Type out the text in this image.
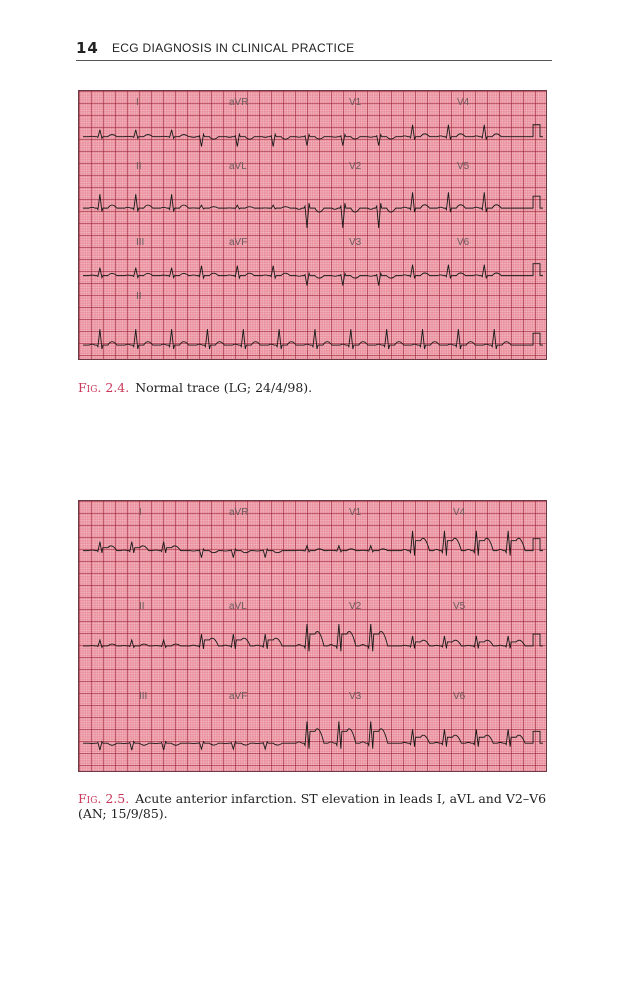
14 ECG DIAGNOSIS IN CLINICAL PRACTICE
I	aVR	V1	V4
II	aVL	V2	V5
III	aVF	V3	V6
II
Fig. 2.4. Normal trace (LG; 24/4/98).
I	aVR	V1	V4
II	aVL	V2	V5
III	aVF	V3	V6
Fig. 2.5. Acute anterior infarction. ST elevation in leads I, aVL and V2–V6 (AN; 15/9/85).
